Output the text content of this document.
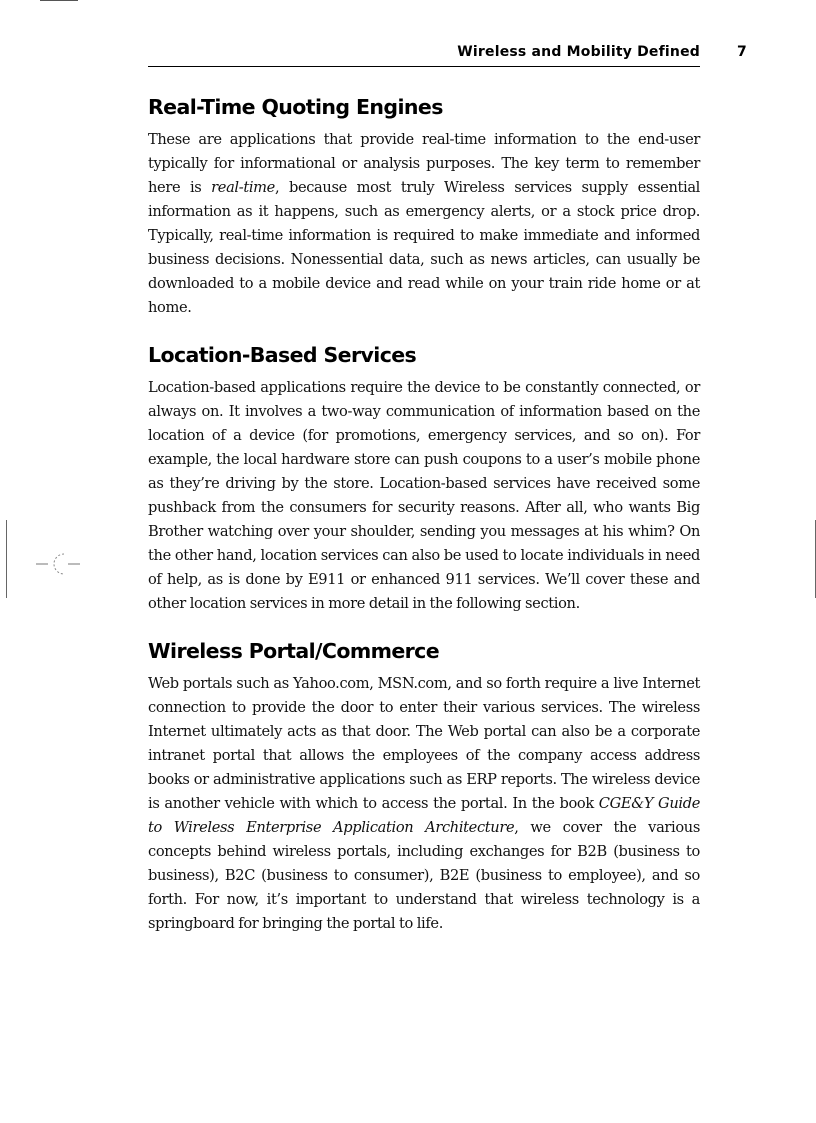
Wireless and Mobility Defined	7
Real-Time Quoting Engines

These are applications that provide real-time information to the end-user typically for informational or analysis purposes. The key term to remember here is real-time, because most truly Wireless services supply essential information as it happens, such as emergency alerts, or a stock price drop. Typically, real-time information is required to make immediate and informed business decisions. Nonessential data, such as news articles, can usually be downloaded to a mobile device and read while on your train ride home or at home.

Location-Based Services

Location-based applications require the device to be constantly connected, or always on. It involves a two-way communication of information based on the location of a device (for promotions, emergency services, and so on). For example, the local hardware store can push coupons to a user’s mobile phone as they’re driving by the store. Location-based services have received some pushback from the consumers for security reasons. After all, who wants Big Brother watching over your shoulder, sending you messages at his whim? On the other hand, location services can also be used to locate individuals in need of help, as is done by E911 or enhanced 911 services. We’ll cover these and other location services in more detail in the following section.

Wireless Portal/Commerce

Web portals such as Yahoo.com, MSN.com, and so forth require a live Internet connection to provide the door to enter their various services. The wireless Internet ultimately acts as that door. The Web portal can also be a corporate intranet portal that allows the employees of the company access address books or administrative applications such as ERP reports. The wireless device is another vehicle with which to access the portal. In the book CGE&Y Guide to Wireless Enterprise Application Architecture, we cover the various concepts behind wireless portals, including exchanges for B2B (business to business), B2C (business to consumer), B2E (business to employee), and so forth. For now, it’s important to understand that wireless technology is a springboard for bringing the portal to life.
